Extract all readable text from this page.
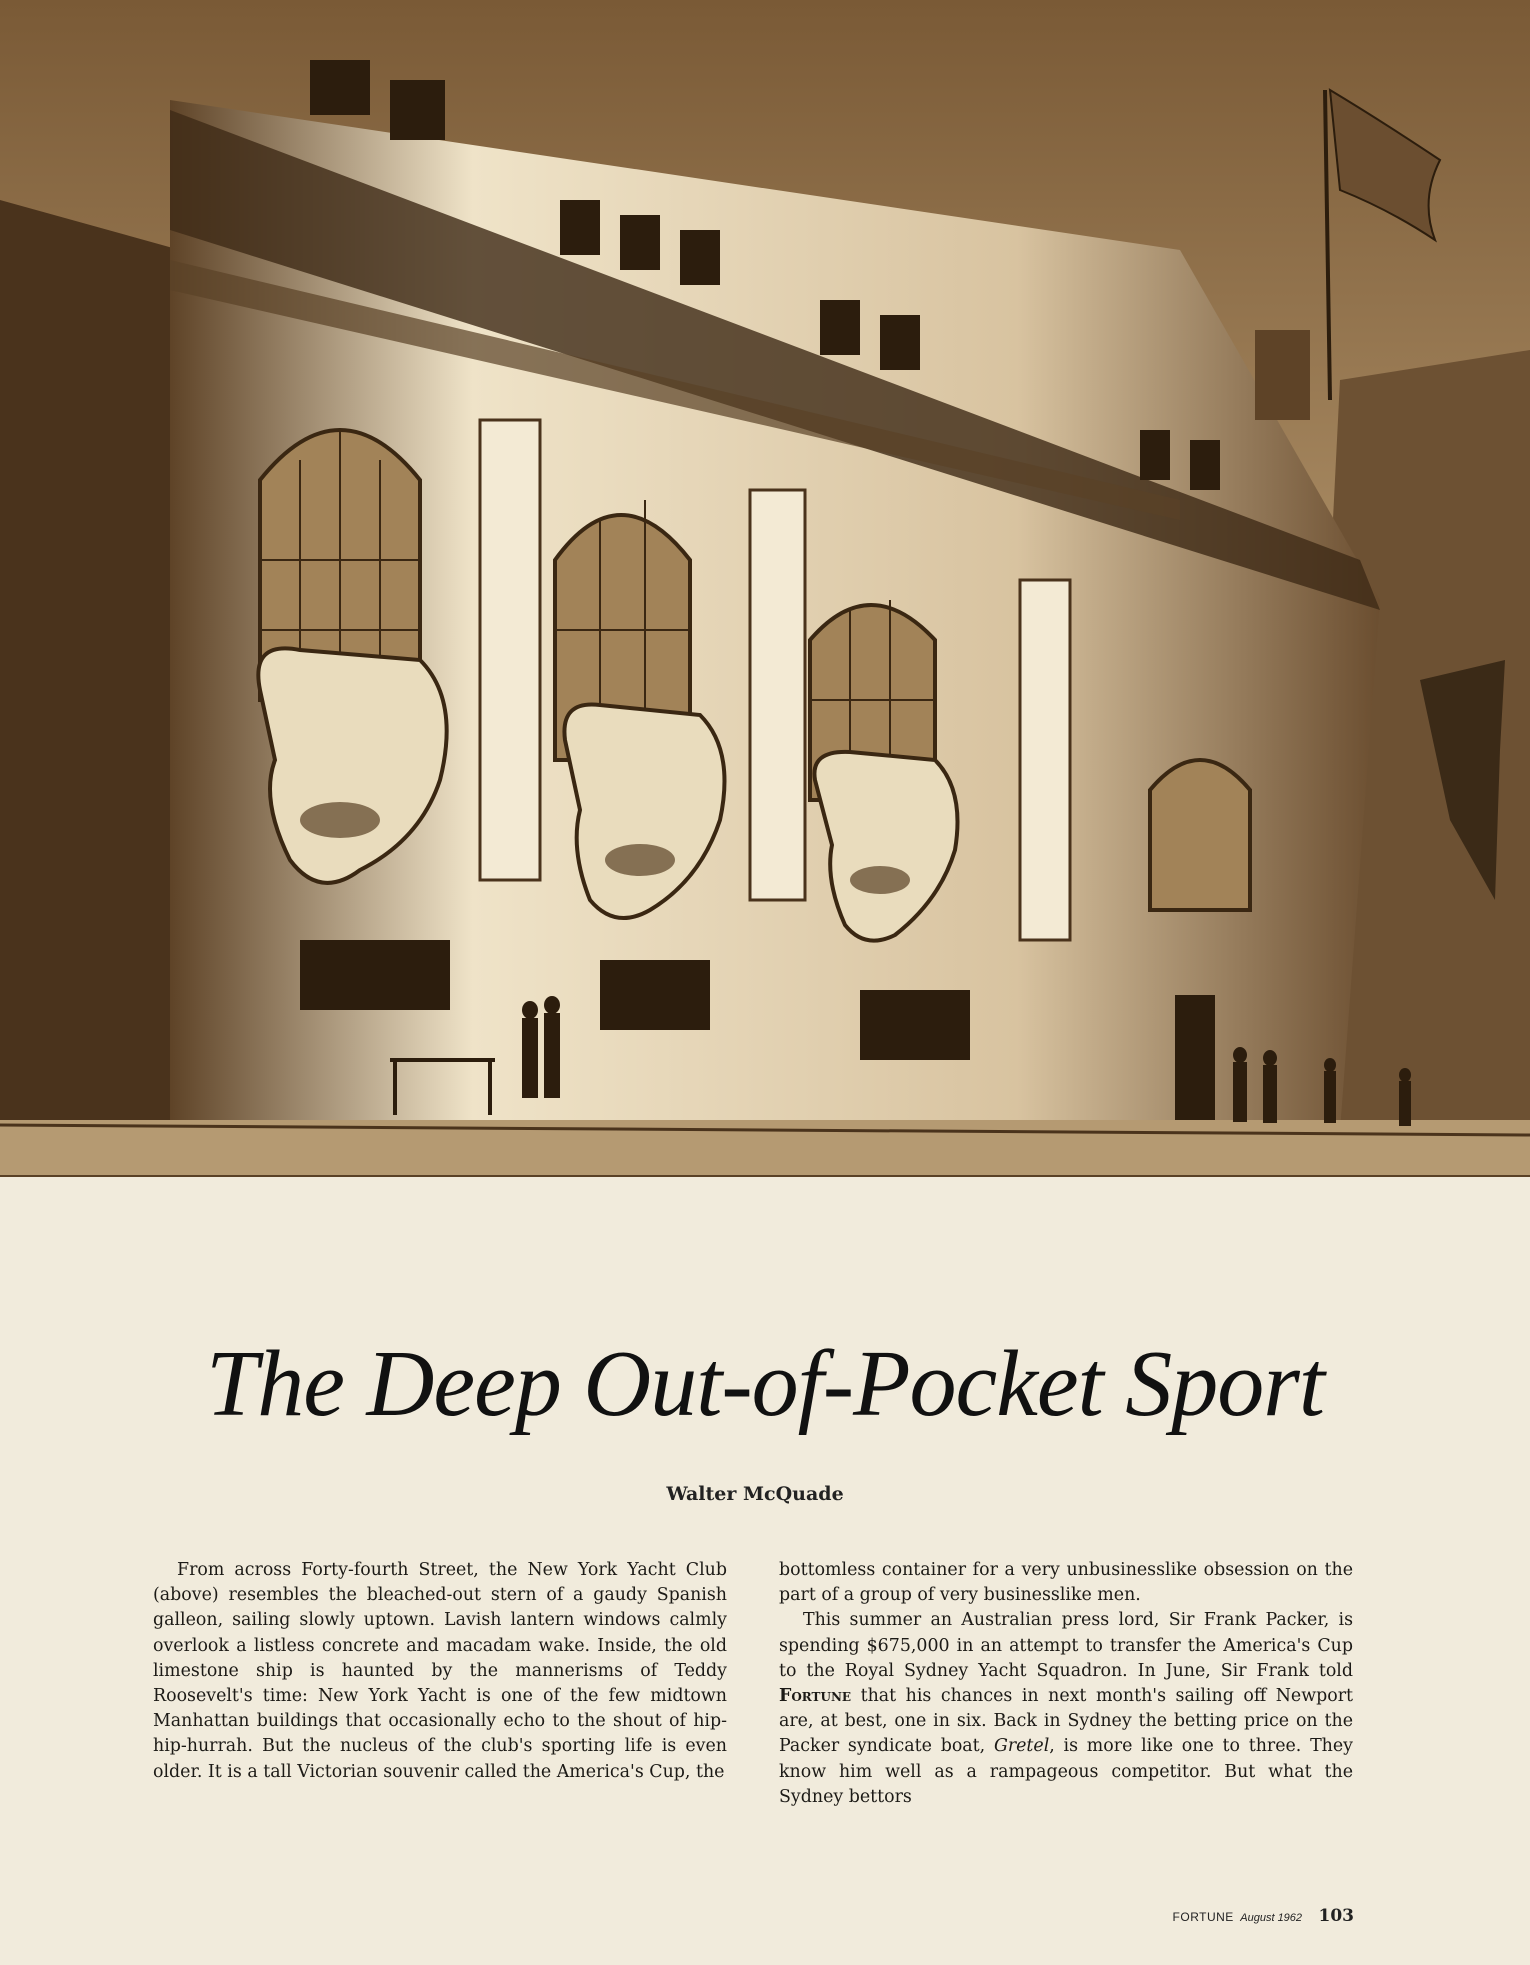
The Deep Out-of-Pocket Sport
Walter McQuade

From across Forty-fourth Street, the New York Yacht Club (above) resembles the bleached-out stern of a gaudy Spanish galleon, sailing slowly uptown. Lavish lantern windows calmly overlook a listless concrete and macadam wake. Inside, the old limestone ship is haunted by the mannerisms of Teddy Roosevelt's time: New York Yacht is one of the few midtown Manhattan buildings that occasionally echo to the shout of hip-hip-hurrah. But the nucleus of the club's sporting life is even older. It is a tall Victorian souvenir called the America's Cup, the

bottomless container for a very unbusinesslike obsession on the part of a group of very businesslike men.

This summer an Australian press lord, Sir Frank Packer, is spending $675,000 in an attempt to transfer the America's Cup to the Royal Sydney Yacht Squadron. In June, Sir Frank told Fortune that his chances in next month's sailing off Newport are, at best, one in six. Back in Sydney the betting price on the Packer syndicate boat, Gretel, is more like one to three. They know him well as a rampageous competitor. But what the Sydney bettors

FORTUNE August 1962 103
